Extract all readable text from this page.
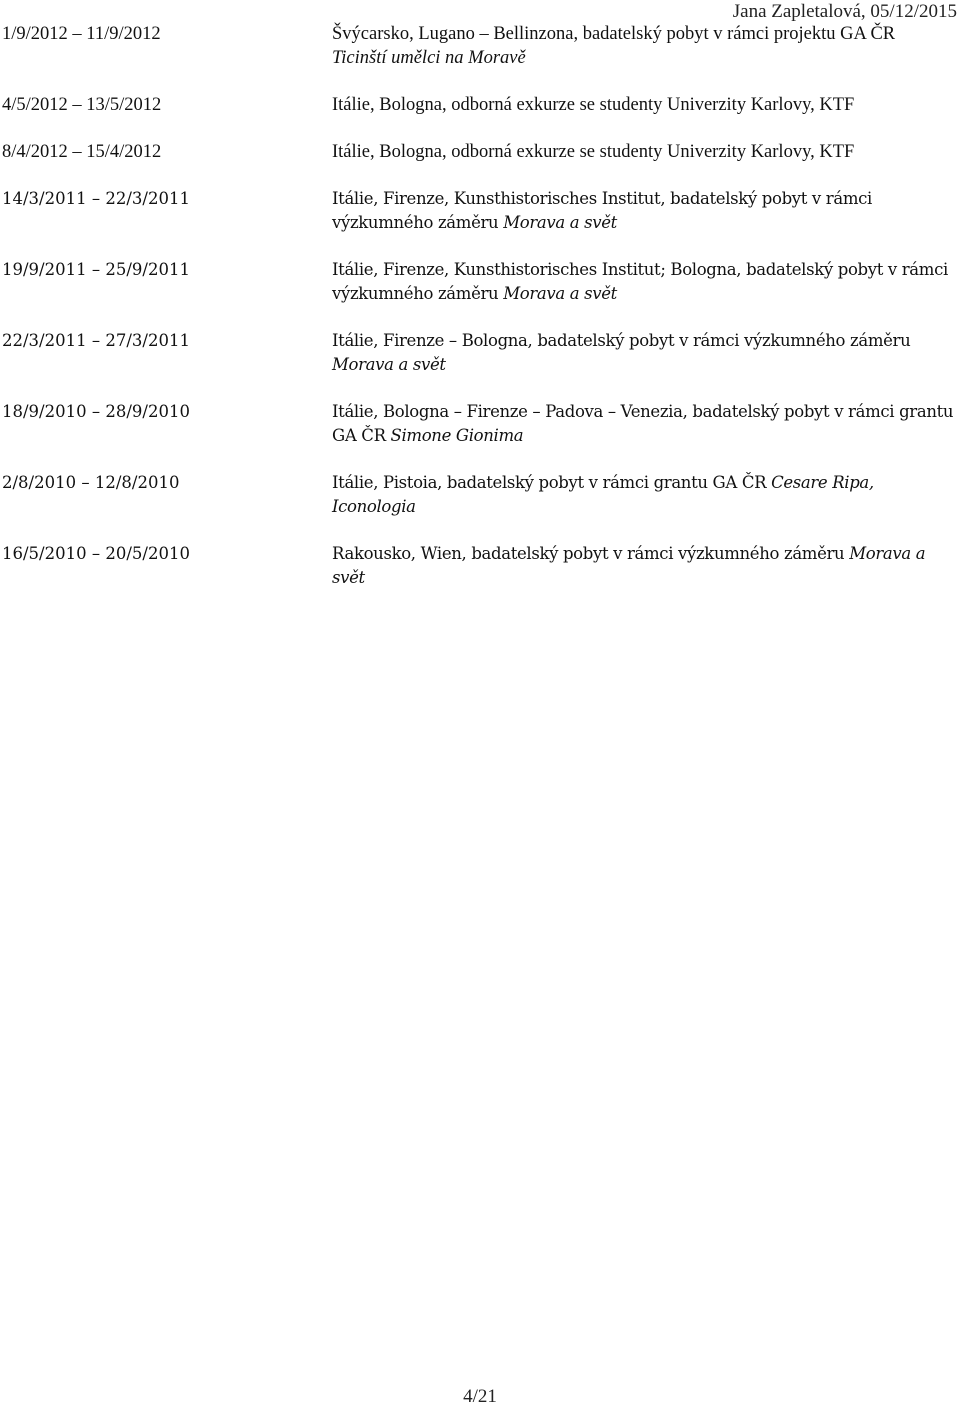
Jana Zapletalová, 05/12/2015
1/9/2012 – 11/9/2012	Švýcarsko, Lugano – Bellinzona, badatelský pobyt v rámci projektu GA ČR Ticinští umělci na Moravě
4/5/2012 – 13/5/2012	Itálie, Bologna, odborná exkurze se studenty Univerzity Karlovy, KTF
8/4/2012 – 15/4/2012	Itálie, Bologna, odborná exkurze se studenty Univerzity Karlovy, KTF
14/3/2011 – 22/3/2011	Itálie, Firenze, Kunsthistorisches Institut, badatelský pobyt v rámci výzkumného záměru Morava a svět
19/9/2011 – 25/9/2011	Itálie, Firenze, Kunsthistorisches Institut; Bologna, badatelský pobyt v rámci výzkumného záměru Morava a svět
22/3/2011 – 27/3/2011	Itálie, Firenze – Bologna, badatelský pobyt v rámci výzkumného záměru Morava a svět
18/9/2010 – 28/9/2010	Itálie, Bologna – Firenze – Padova – Venezia, badatelský pobyt v rámci grantu GA ČR Simone Gionima
2/8/2010 – 12/8/2010	Itálie, Pistoia, badatelský pobyt v rámci grantu GA ČR Cesare Ripa, Iconologia
16/5/2010 – 20/5/2010	Rakousko, Wien, badatelský pobyt v rámci výzkumného záměru Morava a svět
4/21
